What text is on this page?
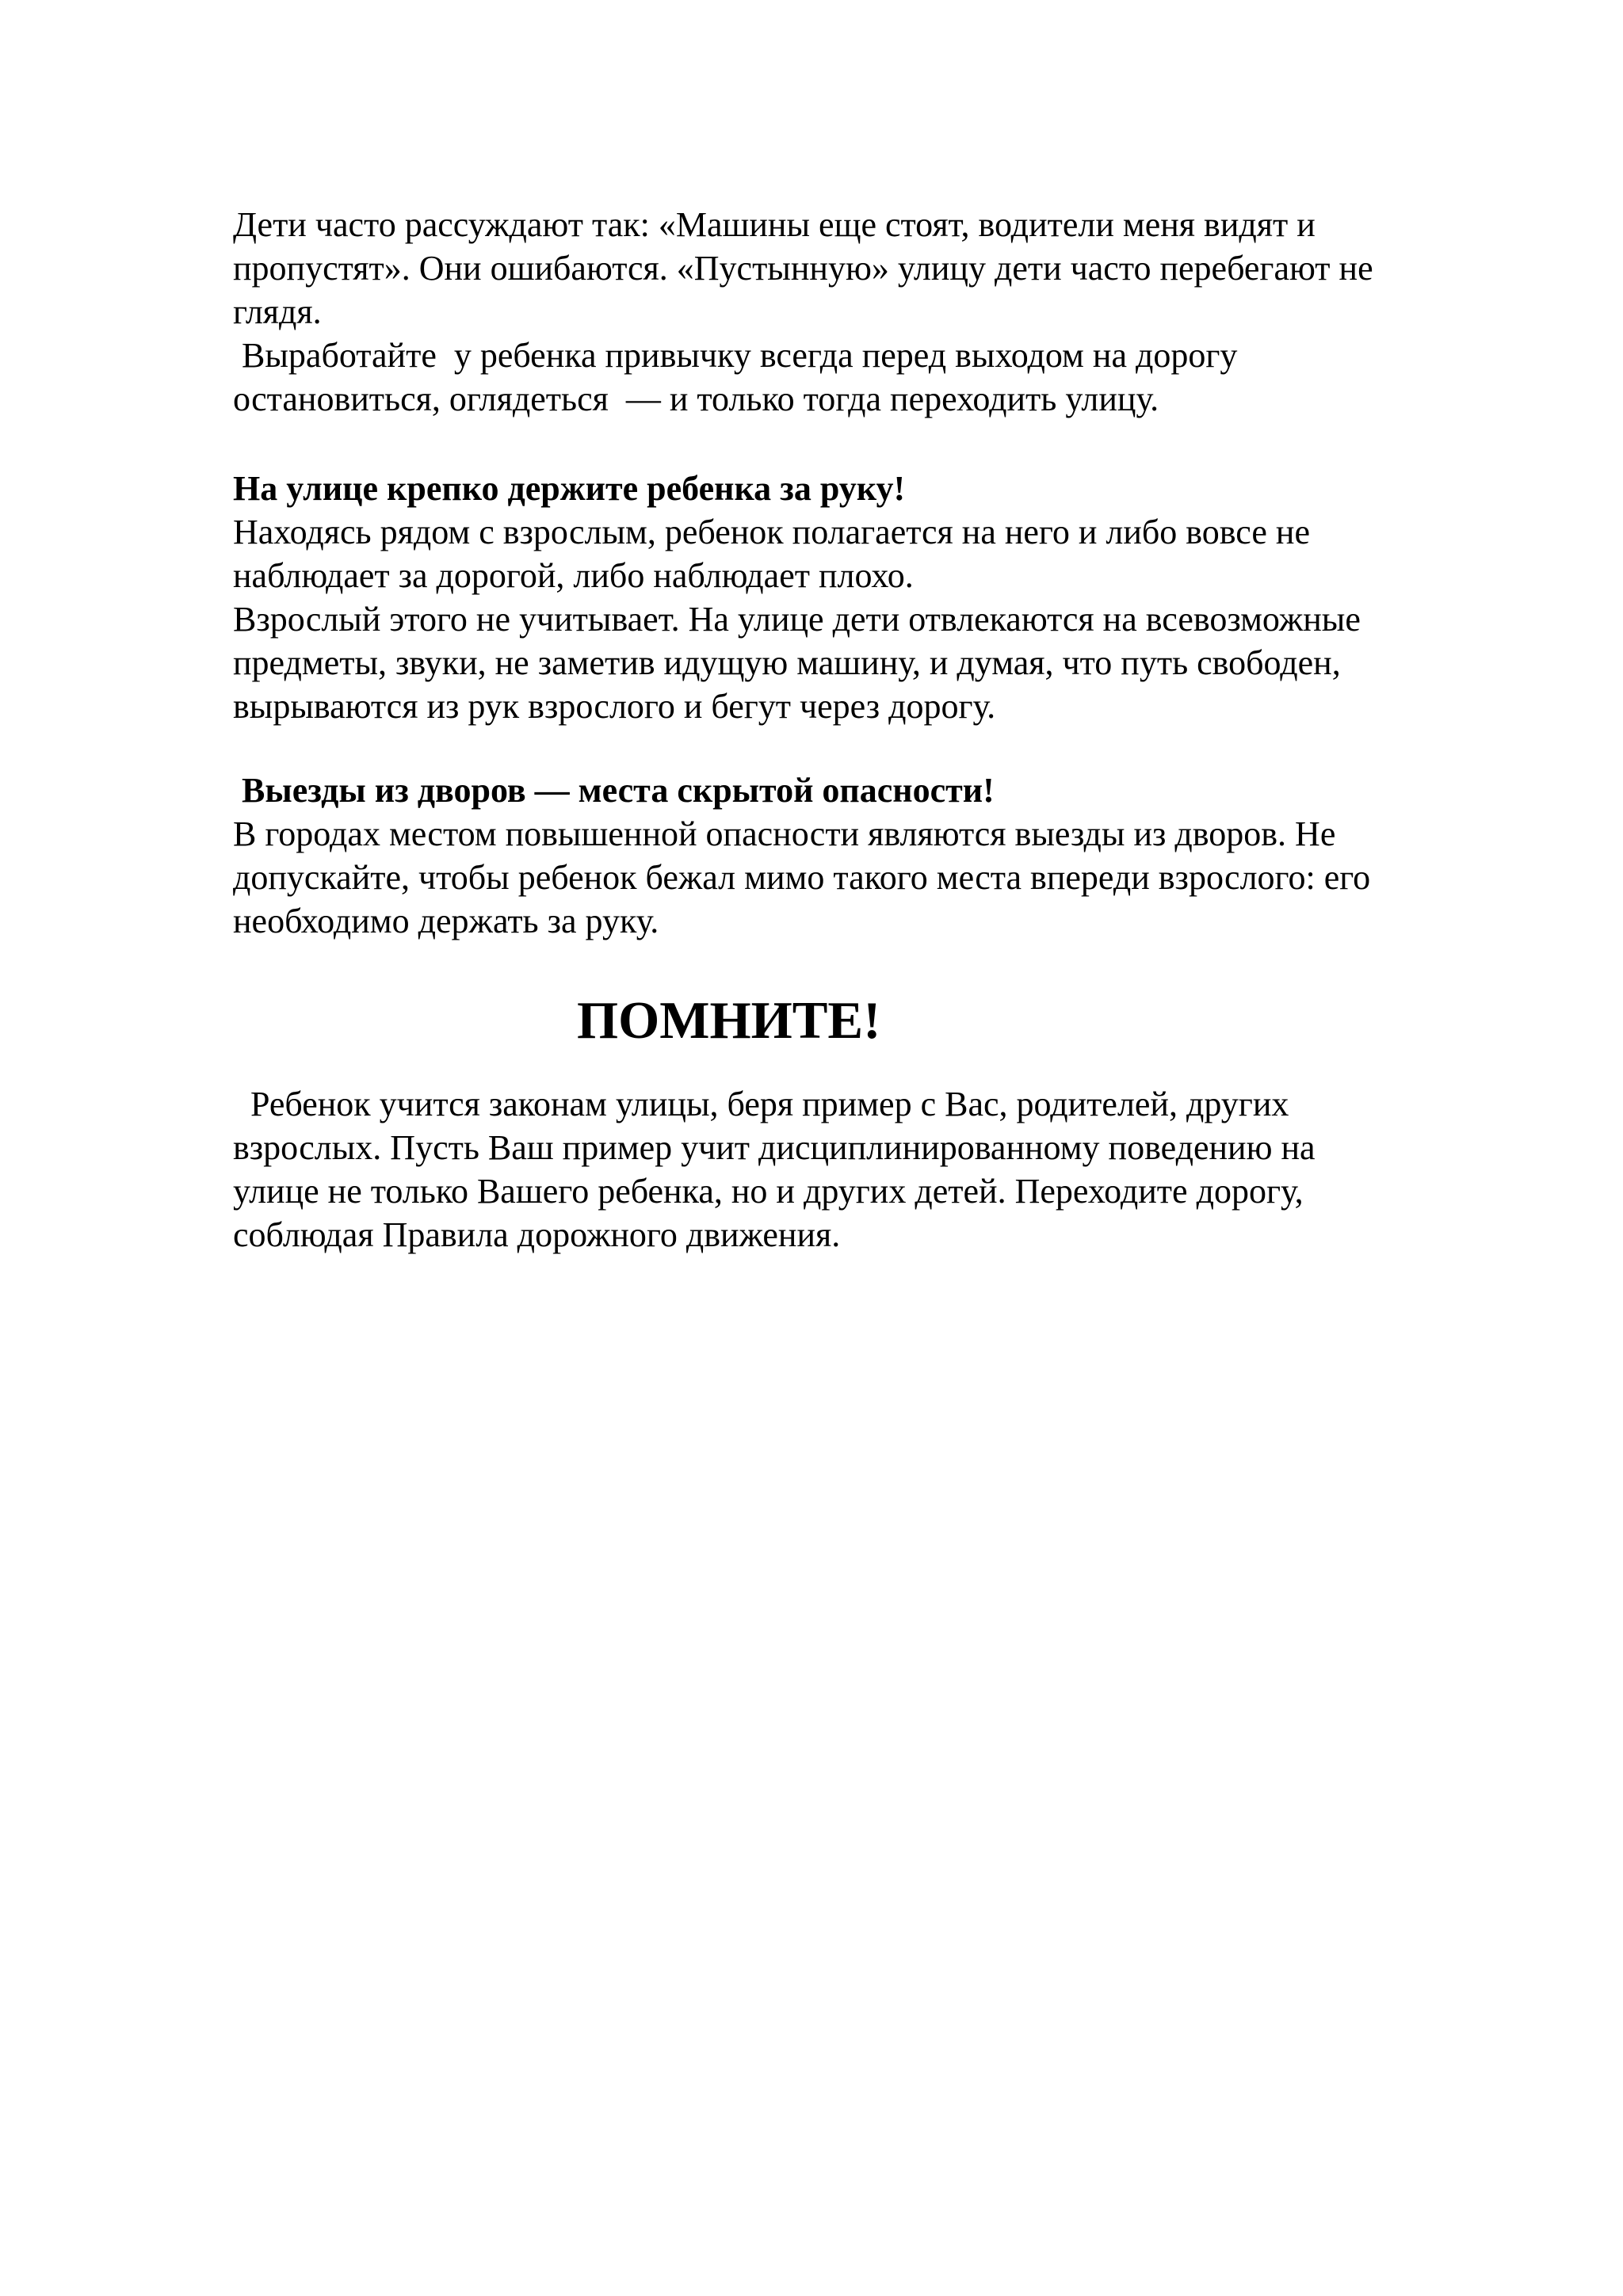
Дети часто рассуждают так: «Машины еще стоят, водители меня видят и

пропустят». Они ошибаются. «Пустынную» улицу дети часто перебегают не

глядя.

Выработайте  у ребенка привычку всегда перед выходом на дорогу

остановиться, оглядеться  — и только тогда переходить улицу.

На улице крепко держите ребенка за руку!

Находясь рядом с взрослым, ребенок полагается на него и либо вовсе не

наблюдает за дорогой, либо наблюдает плохо.

Взрослый этого не учитывает. На улице дети отвлекаются на всевозможные

предметы, звуки, не заметив идущую машину, и думая, что путь свободен,

вырываются из рук взрослого и бегут через дорогу.

Выезды из дворов — места скрытой опасности!

В городах местом повышенной опасности являются выезды из дворов. Не

допускайте, чтобы ребенок бежал мимо такого места впереди взрослого: его

необходимо держать за руку.

ПОМНИТЕ!

Ребенок учится законам улицы, беря пример с Вас, родителей, других

взрослых. Пусть Ваш пример учит дисциплинированному поведению на

улице не только Вашего ребенка, но и других детей. Переходите дорогу,

соблюдая Правила дорожного движения.
